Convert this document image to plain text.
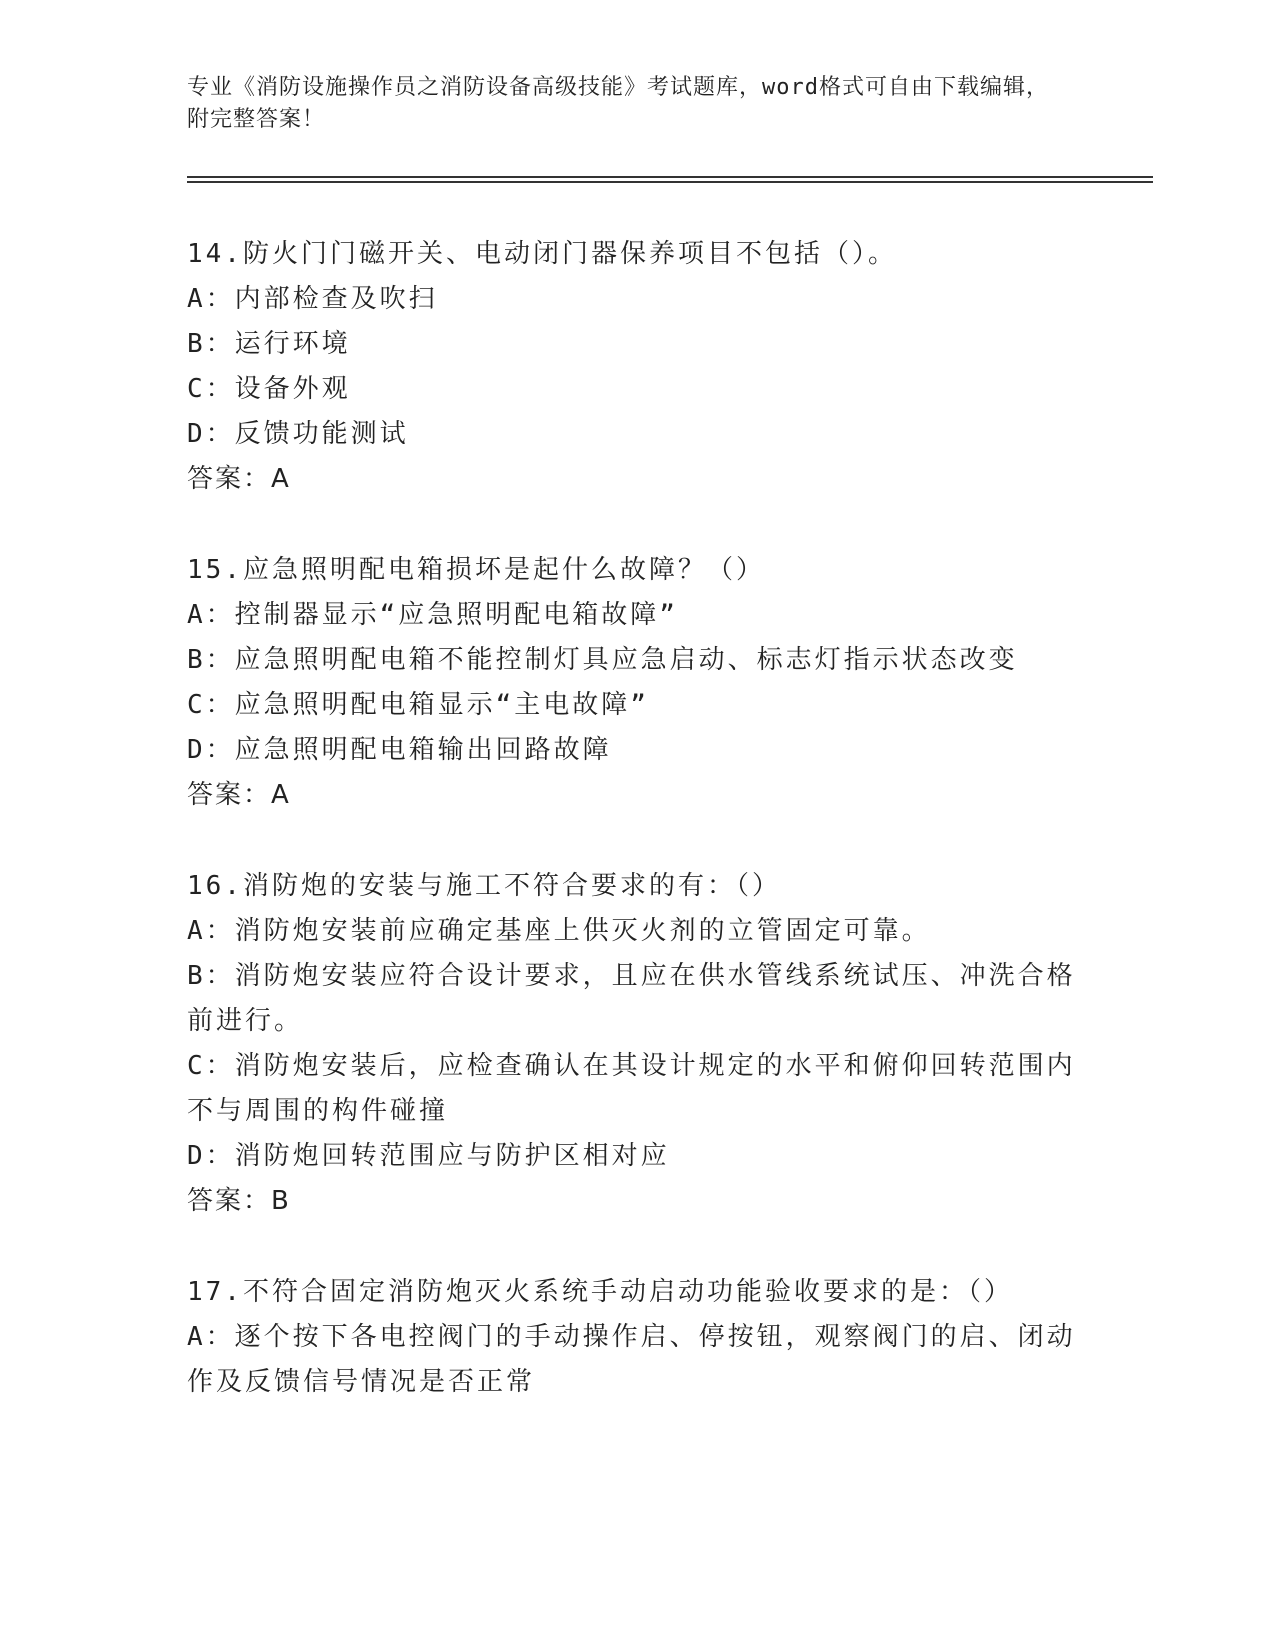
专业《消防设施操作员之消防设备高级技能》考试题库，word格式可自由下载编辑，附完整答案！
14.防火门门磁开关、电动闭门器保养项目不包括（）。
A：内部检查及吹扫
B：运行环境
C：设备外观
D：反馈功能测试
答案：A
15.应急照明配电箱损坏是起什么故障？（）
A：控制器显示“应急照明配电箱故障”
B：应急照明配电箱不能控制灯具应急启动、标志灯指示状态改变
C：应急照明配电箱显示“主电故障”
D：应急照明配电箱输出回路故障
答案：A
16.消防炮的安装与施工不符合要求的有：（）
A：消防炮安装前应确定基座上供灭火剂的立管固定可靠。
B：消防炮安装应符合设计要求，且应在供水管线系统试压、冲洗合格前进行。
C：消防炮安装后，应检查确认在其设计规定的水平和俯仰回转范围内不与周围的构件碰撞
D：消防炮回转范围应与防护区相对应
答案：B
17.不符合固定消防炮灭火系统手动启动功能验收要求的是：（）
A：逐个按下各电控阀门的手动操作启、停按钮，观察阀门的启、闭动作及反馈信号情况是否正常
